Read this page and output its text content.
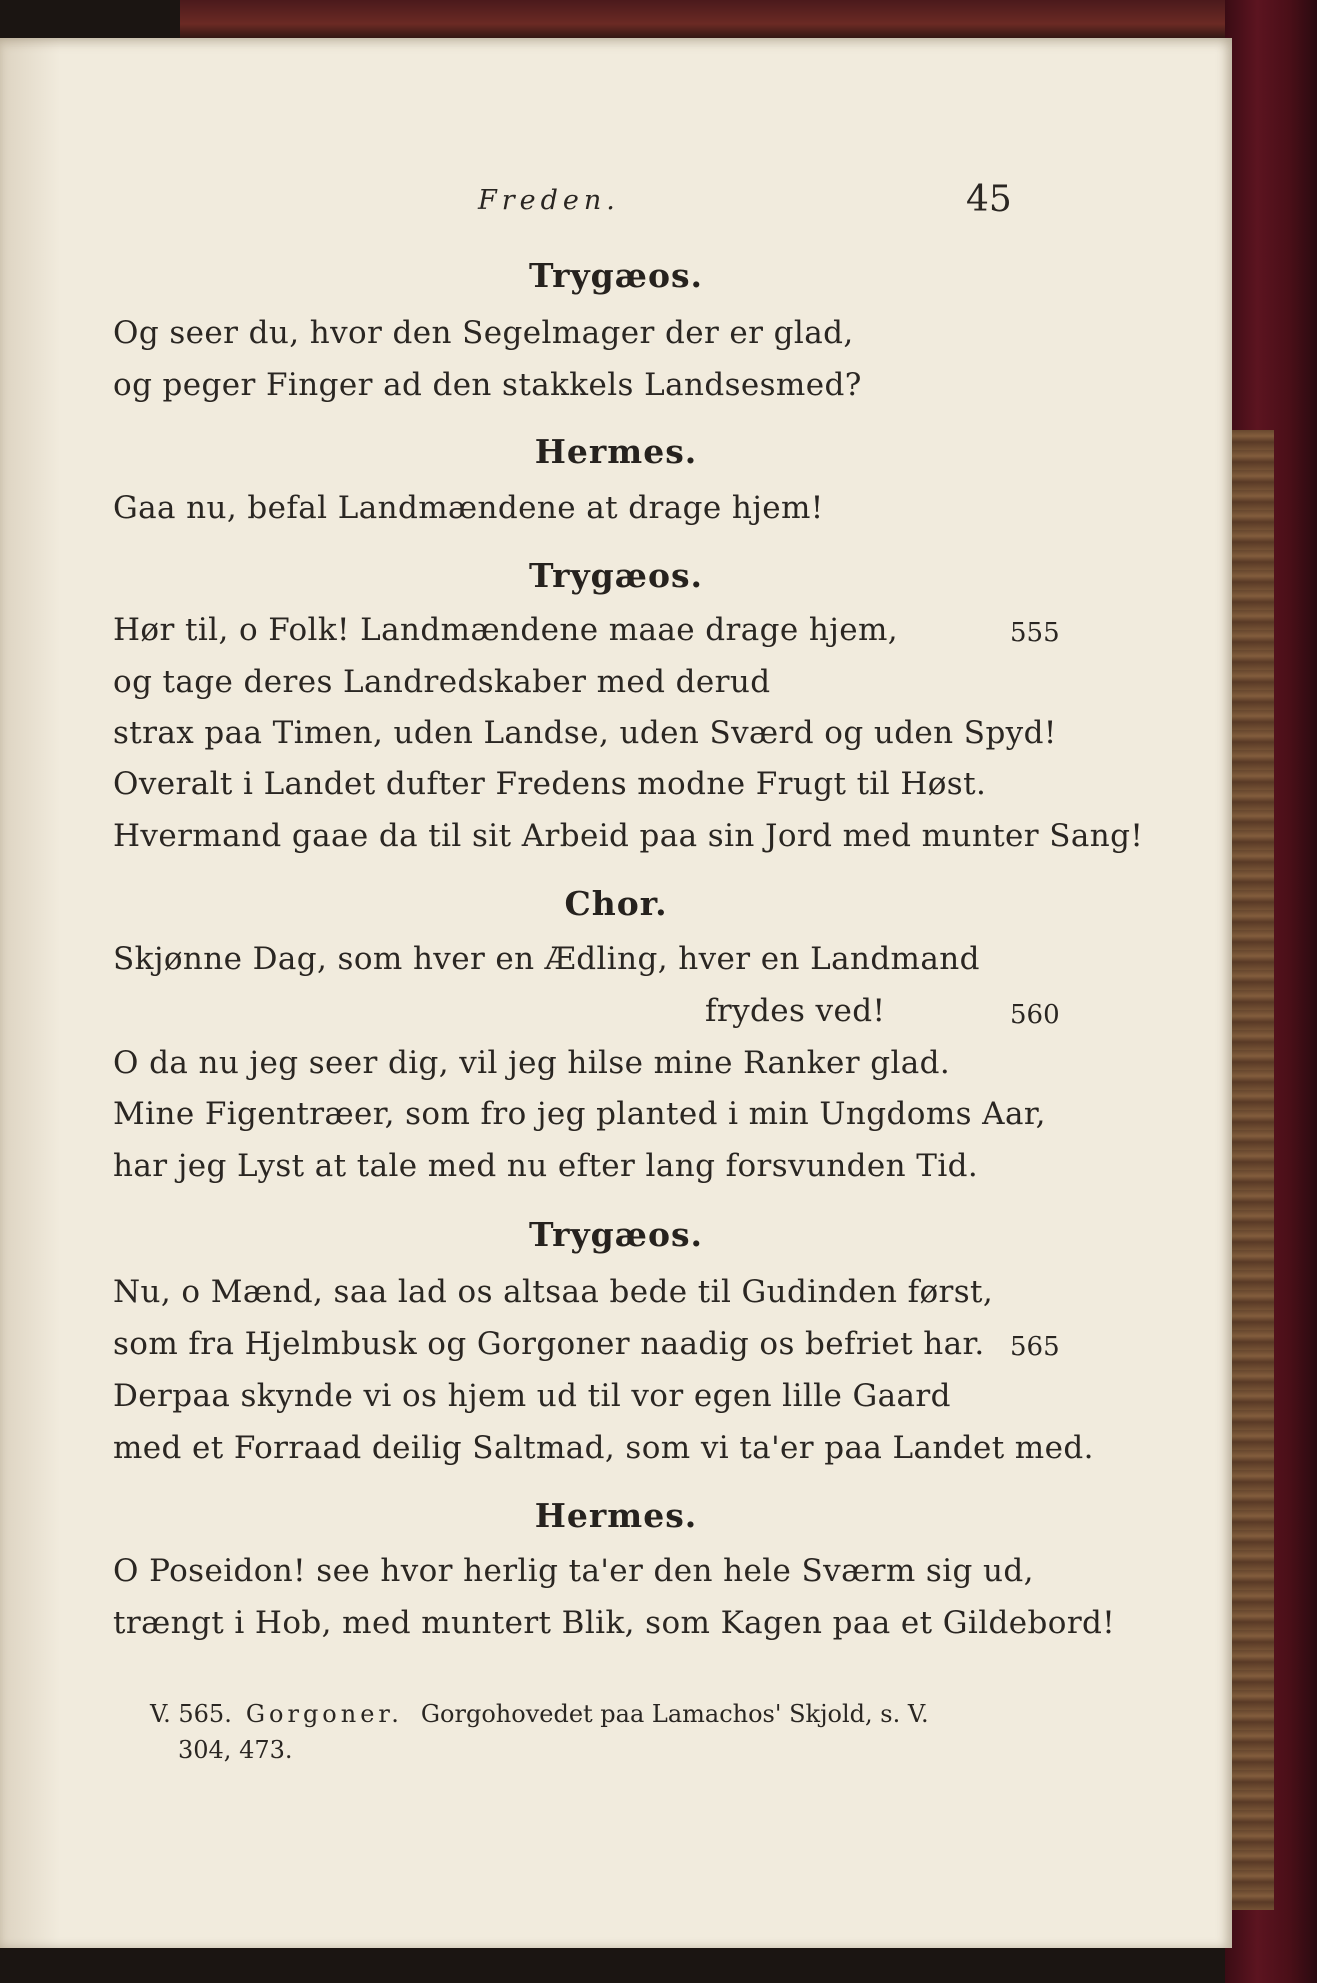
Freden.	45
Trygæos.
Og seer du, hvor den Segelmager der er glad,
og peger Finger ad den stakkels Landsesmed?
Hermes.
Gaa nu, befal Landmændene at drage hjem!
Trygæos.
Hør til, o Folk! Landmændene maae drage hjem,	555
og tage deres Landredskaber med derud
strax paa Timen, uden Landse, uden Sværd og uden Spyd!
Overalt i Landet dufter Fredens modne Frugt til Høst.
Hvermand gaae da til sit Arbeid paa sin Jord med munter Sang!
Chor.
Skjønne Dag, som hver en Ædling, hver en Landmand
frydes ved!	560
O da nu jeg seer dig, vil jeg hilse mine Ranker glad.
Mine Figentræer, som fro jeg planted i min Ungdoms Aar,
har jeg Lyst at tale med nu efter lang forsvunden Tid.
Trygæos.
Nu, o Mænd, saa lad os altsaa bede til Gudinden først,
som fra Hjelmbusk og Gorgoner naadig os befriet har. 565
Derpaa skynde vi os hjem ud til vor egen lille Gaard
med et Forraad deilig Saltmad, som vi ta'er paa Landet med.
Hermes.
O Poseidon! see hvor herlig ta'er den hele Sværm sig ud,
trængt i Hob, med muntert Blik, som Kagen paa et Gildebord!
V. 565. Gorgoner. Gorgohovedet paa Lamachos' Skjold, s. V.
304, 473.
